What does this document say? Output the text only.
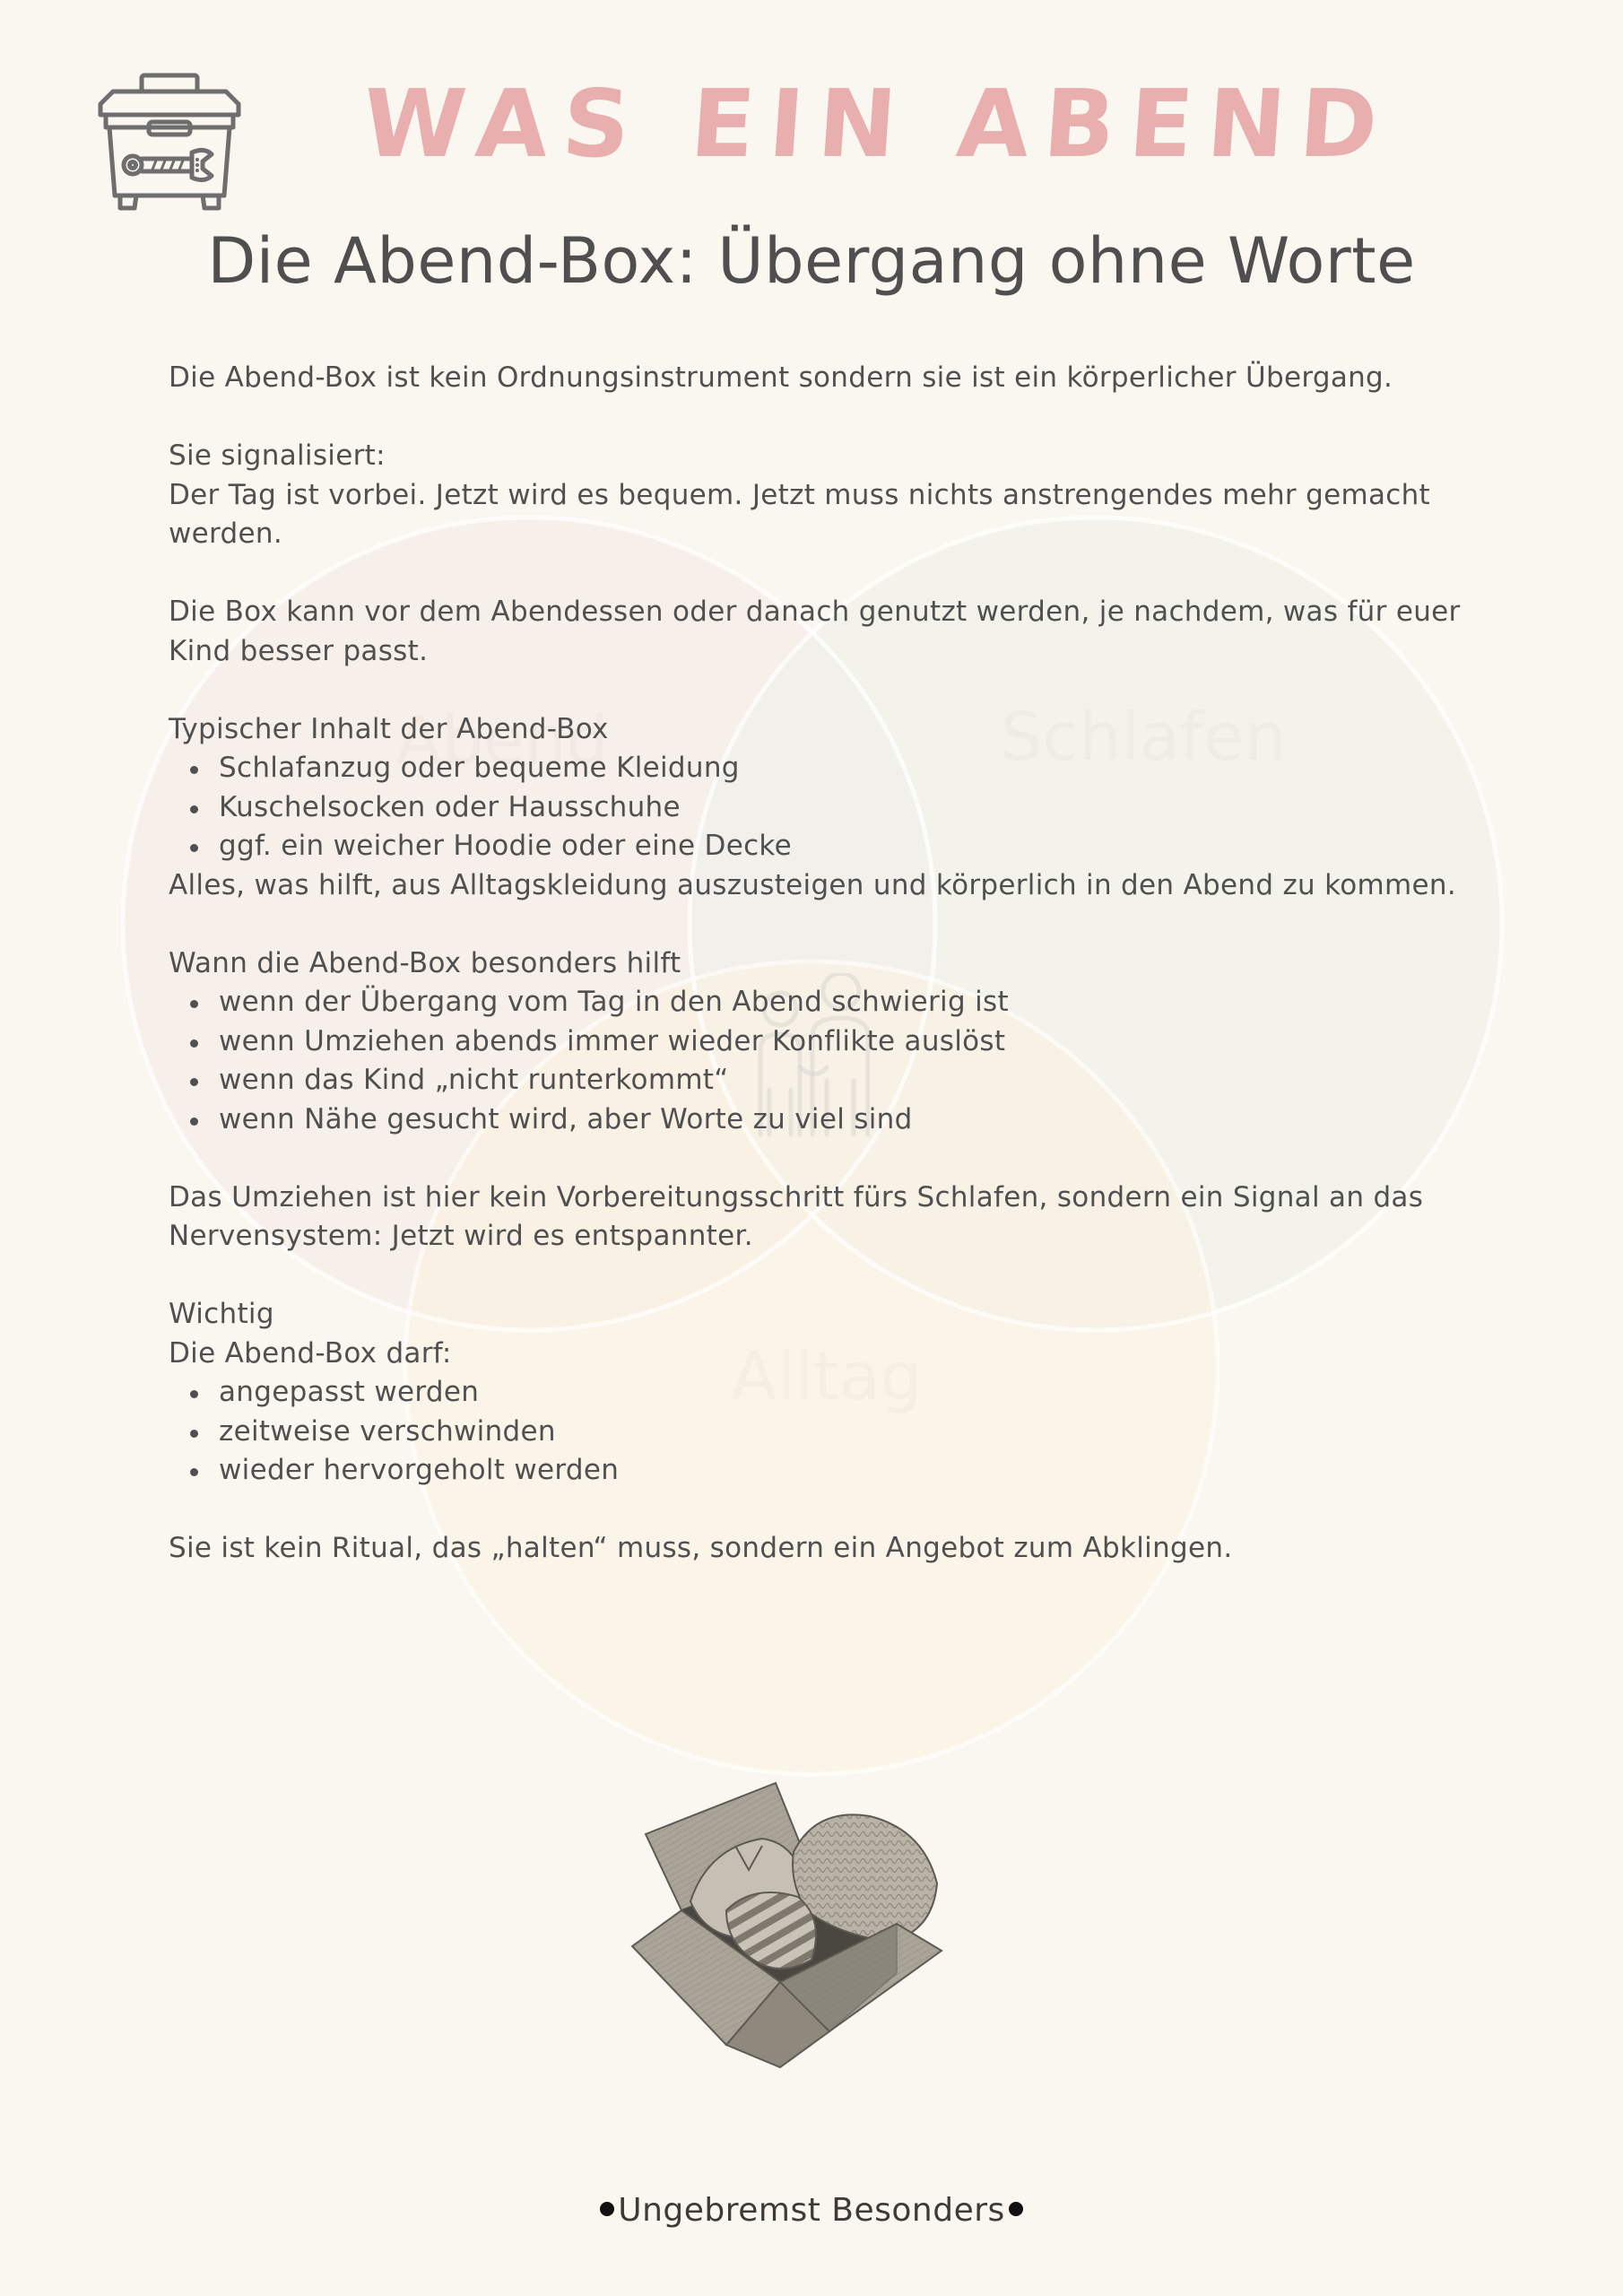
WAS EIN ABEND
Die Abend-Box: Übergang ohne Worte

Die Abend-Box ist kein Ordnungsinstrument sondern sie ist ein körperlicher Übergang.

Sie signalisiert:

Der Tag ist vorbei. Jetzt wird es bequem. Jetzt muss nichts anstrengendes mehr gemacht werden.

Die Box kann vor dem Abendessen oder danach genutzt werden, je nachdem, was für euer Kind besser passt.

Typischer Inhalt der Abend-Box

Schlafanzug oder bequeme Kleidung
Kuschelsocken oder Hausschuhe
ggf. ein weicher Hoodie oder eine Decke

Alles, was hilft, aus Alltagskleidung auszusteigen und körperlich in den Abend zu kommen.

Wann die Abend-Box besonders hilft

wenn der Übergang vom Tag in den Abend schwierig ist
wenn Umziehen abends immer wieder Konflikte auslöst
wenn das Kind „nicht runterkommt“
wenn Nähe gesucht wird, aber Worte zu viel sind

Das Umziehen ist hier kein Vorbereitungsschritt fürs Schlafen, sondern ein Signal an das Nervensystem: Jetzt wird es entspannter.

Wichtig

Die Abend-Box darf:

angepasst werden
zeitweise verschwinden
wieder hervorgeholt werden

Sie ist kein Ritual, das „halten“ muss, sondern ein Angebot zum Abklingen.

Ungebremst Besonders
